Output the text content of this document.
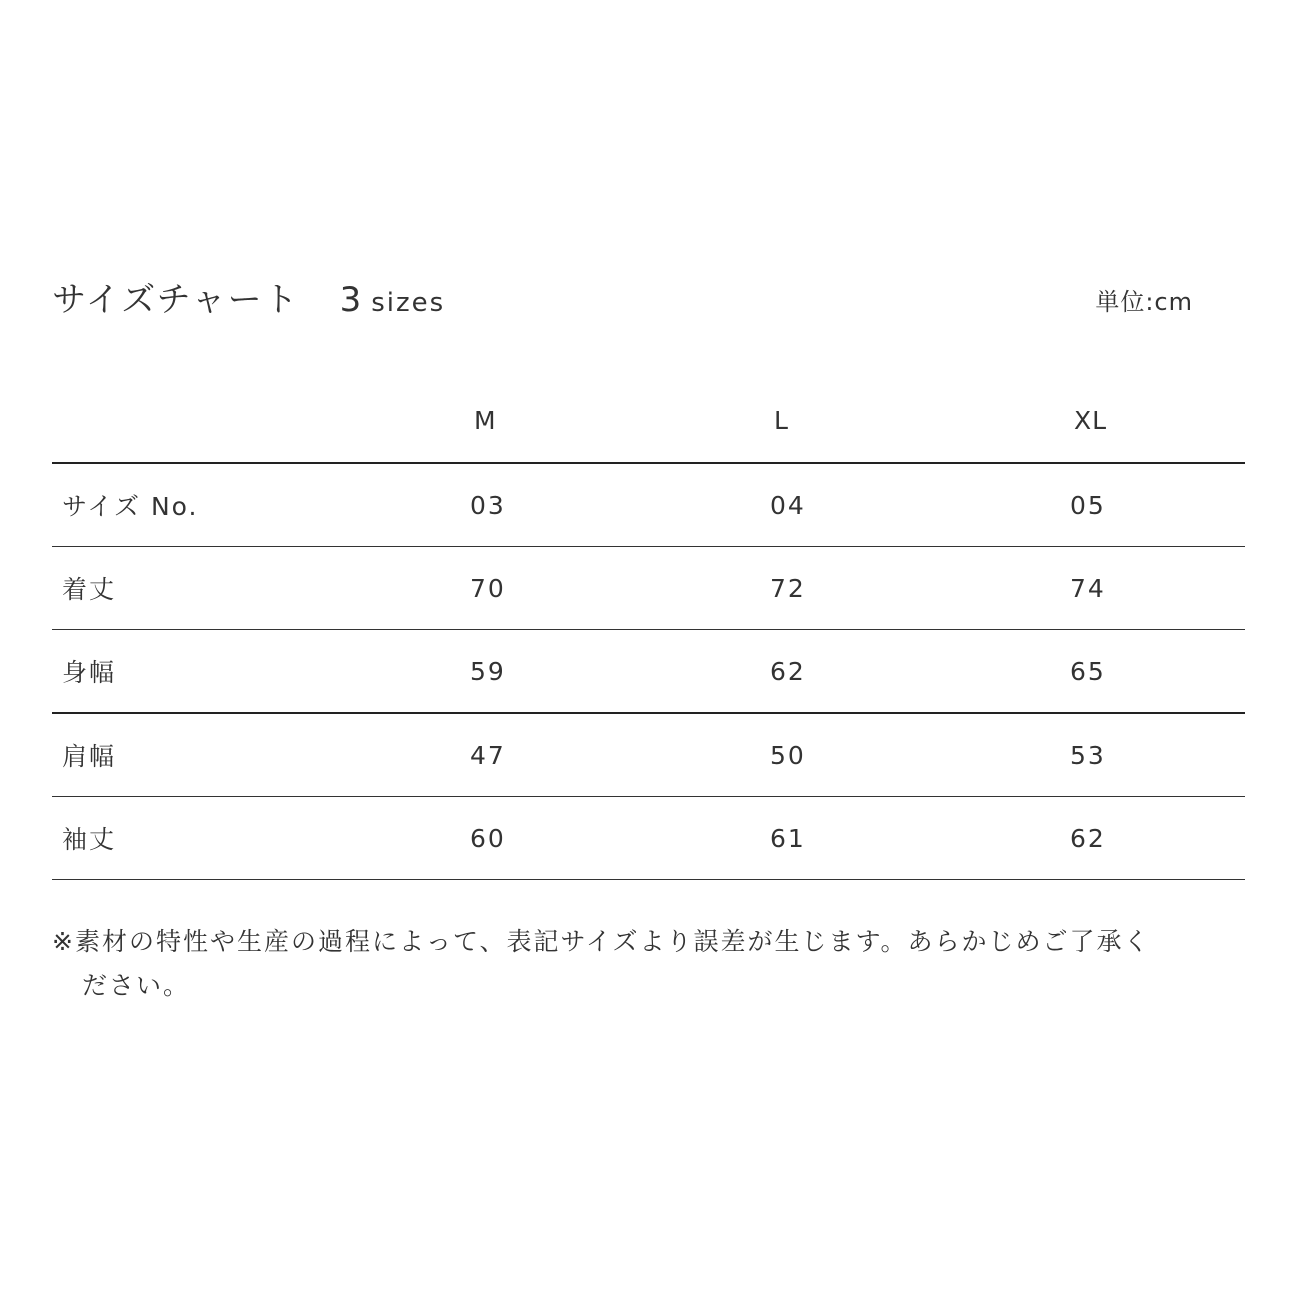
サイズチャート 3 sizes	単位:cm
	M	L	XL
サイズ No.	03	04	05
着丈	70	72	74
身幅	59	62	65
肩幅	47	50	53
袖丈	60	61	62
※素材の特性や生産の過程によって、表記サイズより誤差が生じます。あらかじめご了承く
ださい。
